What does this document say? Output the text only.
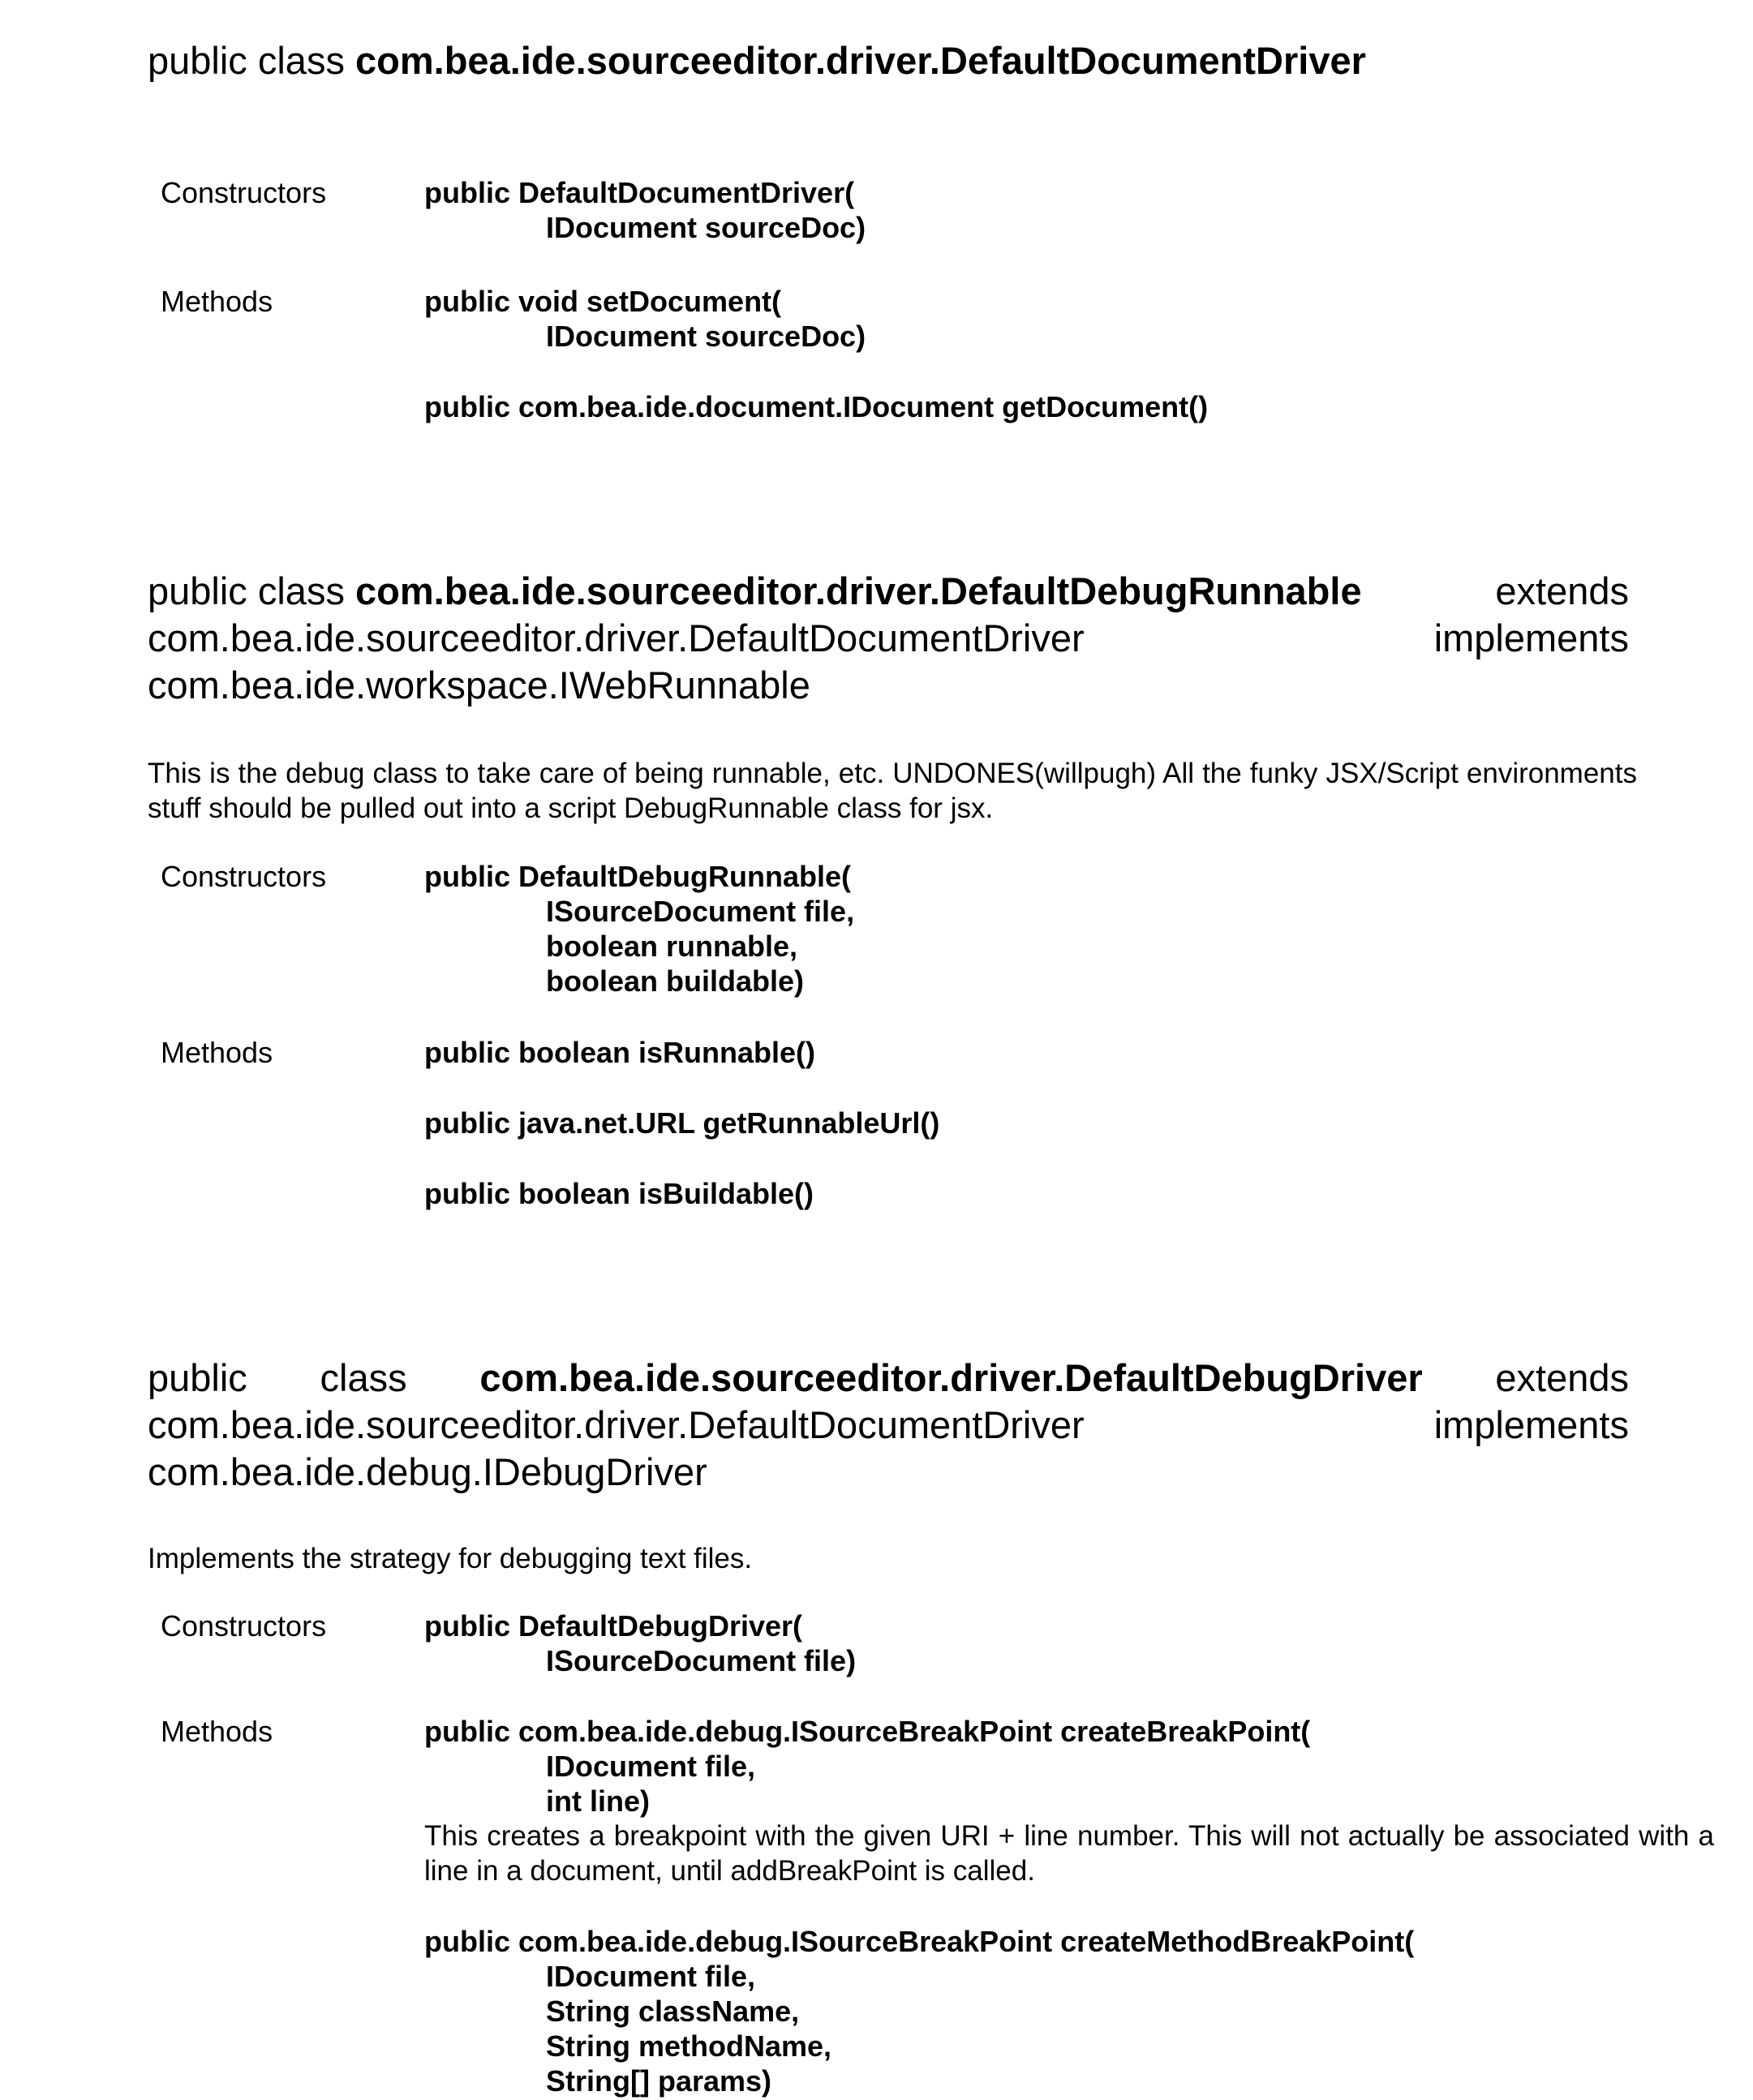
public class com.bea.ide.sourceeditor.driver.DefaultDocumentDriver
Constructors	public DefaultDocumentDriver(
IDocument sourceDoc)
Methods	public void setDocument(
IDocument sourceDoc)
public com.bea.ide.document.IDocument getDocument()
public class com.bea.ide.sourceeditor.driver.DefaultDebugRunnable	extends
com.bea.ide.sourceeditor.driver.DefaultDocumentDriver	implements
com.bea.ide.workspace.IWebRunnable
This is the debug class to take care of being runnable, etc. UNDONES(willpugh) All the funky JSX/Script environments stuff should be pulled out into a script DebugRunnable class for jsx.
Constructors	public DefaultDebugRunnable(
ISourceDocument file,
boolean runnable,
boolean buildable)
Methods	public boolean isRunnable()
public java.net.URL getRunnableUrl()
public boolean isBuildable()
public class com.bea.ide.sourceeditor.driver.DefaultDebugDriver extends
com.bea.ide.sourceeditor.driver.DefaultDocumentDriver	implements
com.bea.ide.debug.IDebugDriver
Implements the strategy for debugging text files.
Constructors	public DefaultDebugDriver(
ISourceDocument file)
Methods	public com.bea.ide.debug.ISourceBreakPoint createBreakPoint(
IDocument file,
int line)
This creates a breakpoint with the given URI + line number. This will not actually be associated with a line in a document, until addBreakPoint is called.
public com.bea.ide.debug.ISourceBreakPoint createMethodBreakPoint(
IDocument file,
String className,
String methodName,
String[] params)
